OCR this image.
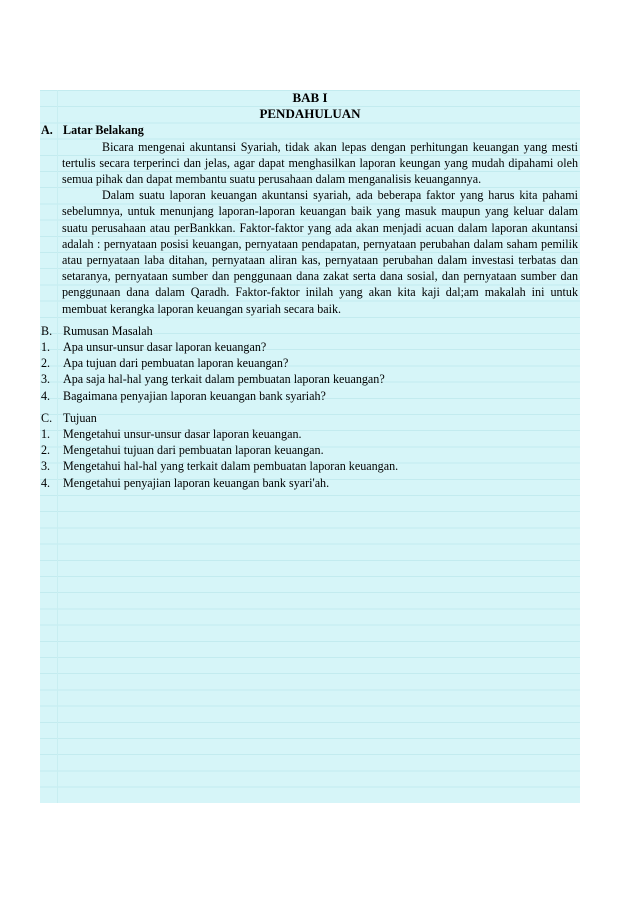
BAB I
PENDAHULUAN
A. Latar Belakang

Bicara mengenai akuntansi Syariah, tidak akan lepas dengan perhitungan keuangan yang mesti tertulis secara terperinci dan jelas, agar dapat menghasilkan laporan keungan yang mudah dipahami oleh semua pihak dan dapat membantu suatu perusahaan dalam menganalisis keuangannya.

Dalam suatu laporan keuangan akuntansi syariah, ada beberapa faktor yang harus kita pahami sebelumnya, untuk menunjang laporan-laporan keuangan baik yang masuk maupun yang keluar dalam suatu perusahaan atau perBankkan. Faktor-faktor yang ada akan menjadi acuan dalam laporan akuntansi adalah : pernyataan posisi keuangan, pernyataan pendapatan, pernyataan perubahan dalam saham pemilik atau pernyataan laba ditahan, pernyataan aliran kas, pernyataan perubahan dalam investasi terbatas dan setaranya, pernyataan sumber dan penggunaan dana zakat serta dana sosial, dan pernyataan sumber dan penggunaan dana dalam Qaradh. Faktor-faktor inilah yang akan kita kaji dal;am makalah ini untuk membuat kerangka laporan keuangan syariah secara baik.

B. Rumusan Masalah
1.	Apa unsur-unsur dasar laporan keuangan?
2.	Apa tujuan dari pembuatan laporan keuangan?
3.	Apa saja hal-hal yang terkait dalam pembuatan laporan keuangan?
4.	Bagaimana penyajian laporan keuangan bank syariah?
C. Tujuan
1.	Mengetahui unsur-unsur dasar laporan keuangan.
2.	Mengetahui tujuan dari pembuatan laporan keuangan.
3.	Mengetahui hal-hal yang terkait dalam pembuatan laporan keuangan.
4.	Mengetahui penyajian laporan keuangan bank syari'ah.
